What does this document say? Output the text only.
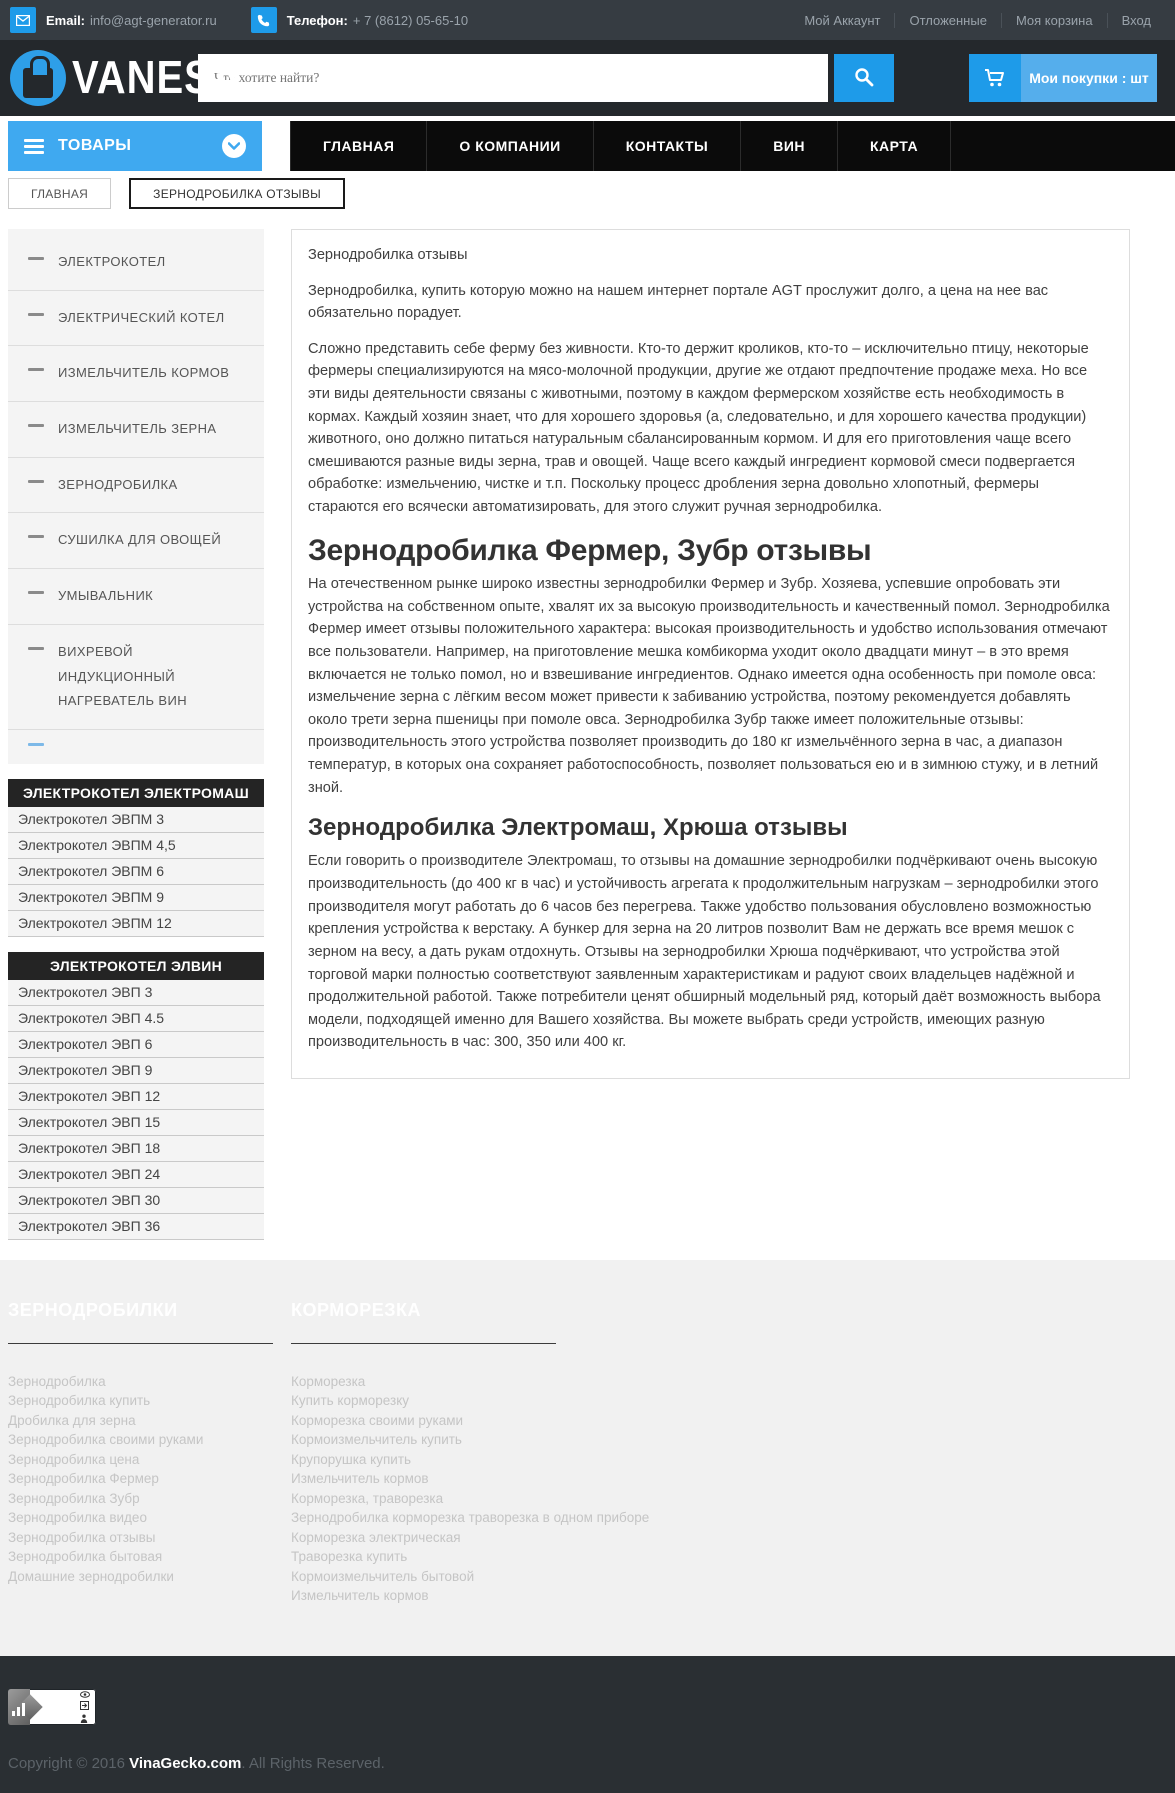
Email: info@agt-generator.ru	Телефон: + 7 (8612) 05-65-10	Мой Аккаунт	Отложенные	Моя корзина	Вход
VANESA
Что хотите найти?	Мои покупки : шт
ТОВАРЫ	ГЛАВНАЯ	О КОМПАНИИ	КОНТАКТЫ	ВИН	КАРТА
ГЛАВНАЯ	ЗЕРНОДРОБИЛКА ОТЗЫВЫ
ЭЛЕКТРОКОТЕЛ
ЭЛЕКТРИЧЕСКИЙ КОТЕЛ
ИЗМЕЛЬЧИТЕЛЬ КОРМОВ
ИЗМЕЛЬЧИТЕЛЬ ЗЕРНА
ЗЕРНОДРОБИЛКА
СУШИЛКА ДЛЯ ОВОЩЕЙ
УМЫВАЛЬНИК
ВИХРЕВОЙ ИНДУКЦИОННЫЙ НАГРЕВАТЕЛЬ ВИН
ЭЛЕКТРОКОТЕЛ ЭЛЕКТРОМАШ
Электрокотел ЭВПМ 3
Электрокотел ЭВПМ 4,5
Электрокотел ЭВПМ 6
Электрокотел ЭВПМ 9
Электрокотел ЭВПМ 12
ЭЛЕКТРОКОТЕЛ ЭЛВИН
Электрокотел ЭВП 3
Электрокотел ЭВП 4.5
Электрокотел ЭВП 6
Электрокотел ЭВП 9
Электрокотел ЭВП 12
Электрокотел ЭВП 15
Электрокотел ЭВП 18
Электрокотел ЭВП 24
Электрокотел ЭВП 30
Электрокотел ЭВП 36

Зернодробилка отзывы

Зернодробилка, купить которую можно на нашем интернет портале AGT прослужит долго, а цена на нее вас обязательно порадует.

Сложно представить себе ферму без живности. Кто-то держит кроликов, кто-то – исключительно птицу, некоторые фермеры специализируются на мясо-молочной продукции, другие же отдают предпочтение продаже меха. Но все эти виды деятельности связаны с животными, поэтому в каждом фермерском хозяйстве есть необходимость в кормах. Каждый хозяин знает, что для хорошего здоровья (а, следовательно, и для хорошего качества продукции) животного, оно должно питаться натуральным сбалансированным кормом. И для его приготовления чаще всего смешиваются разные виды зерна, трав и овощей. Чаще всего каждый ингредиент кормовой смеси подвергается обработке: измельчению, чистке и т.п. Поскольку процесс дробления зерна довольно хлопотный, фермеры стараются его всячески автоматизировать, для этого служит ручная зернодробилка.

Зернодробилка Фермер, Зубр отзывы

На отечественном рынке широко известны зернодробилки Фермер и Зубр. Хозяева, успевшие опробовать эти устройства на собственном опыте, хвалят их за высокую производительность и качественный помол. Зернодробилка Фермер имеет отзывы положительного характера: высокая производительность и удобство использования отмечают все пользователи. Например, на приготовление мешка комбикорма уходит около двадцати минут – в это время включается не только помол, но и взвешивание ингредиентов. Однако имеется одна особенность при помоле овса: измельчение зерна с лёгким весом может привести к забиванию устройства, поэтому рекомендуется добавлять около трети зерна пшеницы при помоле овса. Зернодробилка Зубр также имеет положительные отзывы: производительность этого устройства позволяет производить до 180 кг измельчённого зерна в час, а диапазон температур, в которых она сохраняет работоспособность, позволяет пользоваться ею и в зимнюю стужу, и в летний зной.

Зернодробилка Электромаш, Хрюша отзывы

Если говорить о производителе Электромаш, то отзывы на домашние зернодробилки подчёркивают очень высокую производительность (до 400 кг в час) и устойчивость агрегата к продолжительным нагрузкам – зернодробилки этого производителя могут работать до 6 часов без перегрева. Также удобство пользования обусловлено возможностью крепления устройства к верстаку. А бункер для зерна на 20 литров позволит Вам не держать все время мешок с зерном на весу, а дать рукам отдохнуть. Отзывы на зернодробилки Хрюша подчёркивают, что устройства этой торговой марки полностью соответствуют заявленным характеристикам и радуют своих владельцев надёжной и продолжительной работой. Также потребители ценят обширный модельный ряд, который даёт возможность выбора модели, подходящей именно для Вашего хозяйства. Вы можете выбрать среди устройств, имеющих разную производительность в час: 300, 350 или 400 кг.

ЗЕРНОДРОБИЛКИ
Зернодробилка
Зернодробилка купить
Дробилка для зерна
Зернодробилка своими руками
Зернодробилка цена
Зернодробилка Фермер
Зернодробилка Зубр
Зернодробилка видео
Зернодробилка отзывы
Зернодробилка бытовая
Домашние зернодробилки
КОРМОРЕЗКА
Корморезка
Купить корморезку
Корморезка своими руками
Кормоизмельчитель купить
Крупорушка купить
Измельчитель кормов
Корморезка, траворезка
Зернодробилка корморезка траворезка в одном приборе
Корморезка электрическая
Траворезка купить
Кормоизмельчитель бытовой
Измельчитель кормов
Copyright © 2016 VinaGecko.com. All Rights Reserved.
